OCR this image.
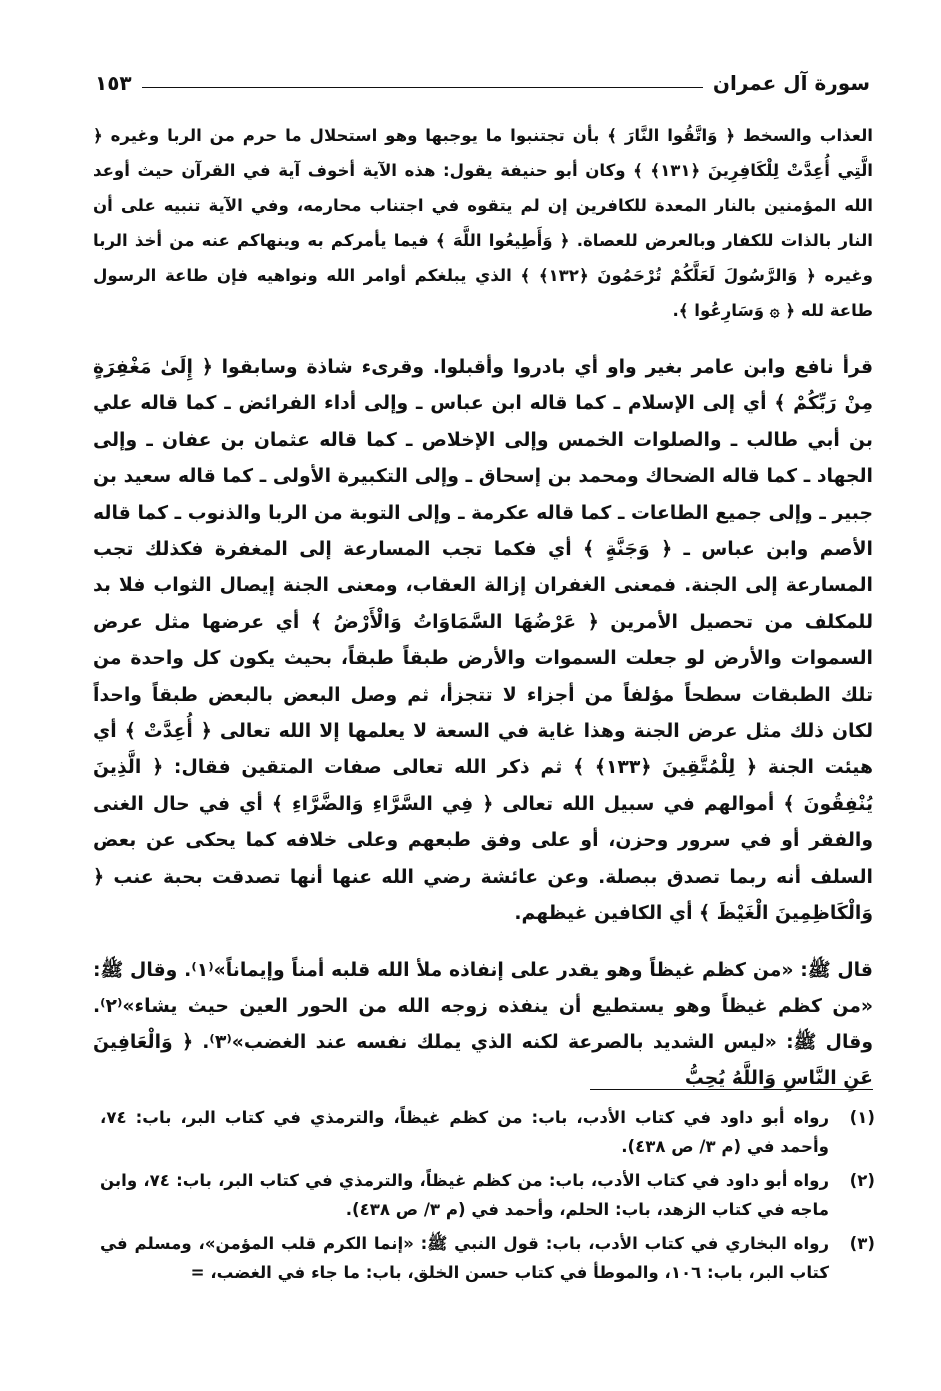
سورة آل عمران
١٥٣

العذاب والسخط ﴿ وَاتَّقُوا النَّارَ ﴾ بأن تجتنبوا ما يوجبها وهو استحلال ما حرم من الربا وغيره ﴿ الَّتِي أُعِدَّتْ لِلْكَافِرِينَ ﴿١٣١﴾ ﴾ وكان أبو حنيفة يقول: هذه الآية أخوف آية في القرآن حيث أوعد الله المؤمنين بالنار المعدة للكافرين إن لم يتقوه في اجتناب محارمه، وفي الآية تنبيه على أن النار بالذات للكفار وبالعرض للعصاة. ﴿ وَأَطِيعُوا اللَّهَ ﴾ فيما يأمركم به وينهاكم عنه من أخذ الربا وغيره ﴿ وَالرَّسُولَ لَعَلَّكُمْ تُرْحَمُونَ ﴿١٣٢﴾ ﴾ الذي يبلغكم أوامر الله ونواهيه فإن طاعة الرسول طاعة لله ﴿ ۞ وَسَارِعُوا ﴾.

قرأ نافع وابن عامر بغير واو أي بادروا وأقبلوا. وقرىء شاذة وسابقوا ﴿ إِلَىٰ مَغْفِرَةٍ مِنْ رَبِّكُمْ ﴾ أي إلى الإسلام ـ كما قاله ابن عباس ـ وإلى أداء الفرائض ـ كما قاله علي بن أبي طالب ـ والصلوات الخمس وإلى الإخلاص ـ كما قاله عثمان بن عفان ـ وإلى الجهاد ـ كما قاله الضحاك ومحمد بن إسحاق ـ وإلى التكبيرة الأولى ـ كما قاله سعيد بن جبير ـ وإلى جميع الطاعات ـ كما قاله عكرمة ـ وإلى التوبة من الربا والذنوب ـ كما قاله الأصم وابن عباس ـ ﴿ وَجَنَّةٍ ﴾ أي فكما تجب المسارعة إلى المغفرة فكذلك تجب المسارعة إلى الجنة. فمعنى الغفران إزالة العقاب، ومعنى الجنة إيصال الثواب فلا بد للمكلف من تحصيل الأمرين ﴿ عَرْضُهَا السَّمَاوَاتُ وَالْأَرْضُ ﴾ أي عرضها مثل عرض السموات والأرض لو جعلت السموات والأرض طبقاً طبقاً، بحيث يكون كل واحدة من تلك الطبقات سطحاً مؤلفاً من أجزاء لا تتجزأ، ثم وصل البعض بالبعض طبقاً واحداً لكان ذلك مثل عرض الجنة وهذا غاية في السعة لا يعلمها إلا الله تعالى ﴿ أُعِدَّتْ ﴾ أي هيئت الجنة ﴿ لِلْمُتَّقِينَ ﴿١٣٣﴾ ﴾ ثم ذكر الله تعالى صفات المتقين فقال: ﴿ الَّذِينَ يُنْفِقُونَ ﴾ أموالهم في سبيل الله تعالى ﴿ فِي السَّرَّاءِ وَالضَّرَّاءِ ﴾ أي في حال الغنى والفقر أو في سرور وحزن، أو على وفق طبعهم وعلى خلافه كما يحكى عن بعض السلف أنه ربما تصدق ببصلة. وعن عائشة رضي الله عنها أنها تصدقت بحبة عنب ﴿ وَالْكَاظِمِينَ الْغَيْظَ ﴾ أي الكافين غيظهم.

قال ﷺ: «من كظم غيظاً وهو يقدر على إنفاذه ملأ الله قلبه أمناً وإيماناً»⁽١⁾. وقال ﷺ: «من كظم غيظاً وهو يستطيع أن ينفذه زوجه الله من الحور العين حيث يشاء»⁽٢⁾. وقال ﷺ: «ليس الشديد بالصرعة لكنه الذي يملك نفسه عند الغضب»⁽٣⁾. ﴿ وَالْعَافِينَ عَنِ النَّاسِ وَاللَّهُ يُحِبُّ

(١)
رواه أبو داود في كتاب الأدب، باب: من كظم غيظاً، والترمذي في كتاب البر، باب: ٧٤، وأحمد في (م ٣/ ص ٤٣٨).
(٢)
رواه أبو داود في كتاب الأدب، باب: من كظم غيظاً، والترمذي في كتاب البر، باب: ٧٤، وابن ماجه في كتاب الزهد، باب: الحلم، وأحمد في (م ٣/ ص ٤٣٨).
(٣)
رواه البخاري في كتاب الأدب، باب: قول النبي ﷺ: «إنما الكرم قلب المؤمن»، ومسلم في كتاب البر، باب: ١٠٦، والموطأ في كتاب حسن الخلق، باب: ما جاء في الغضب، =
